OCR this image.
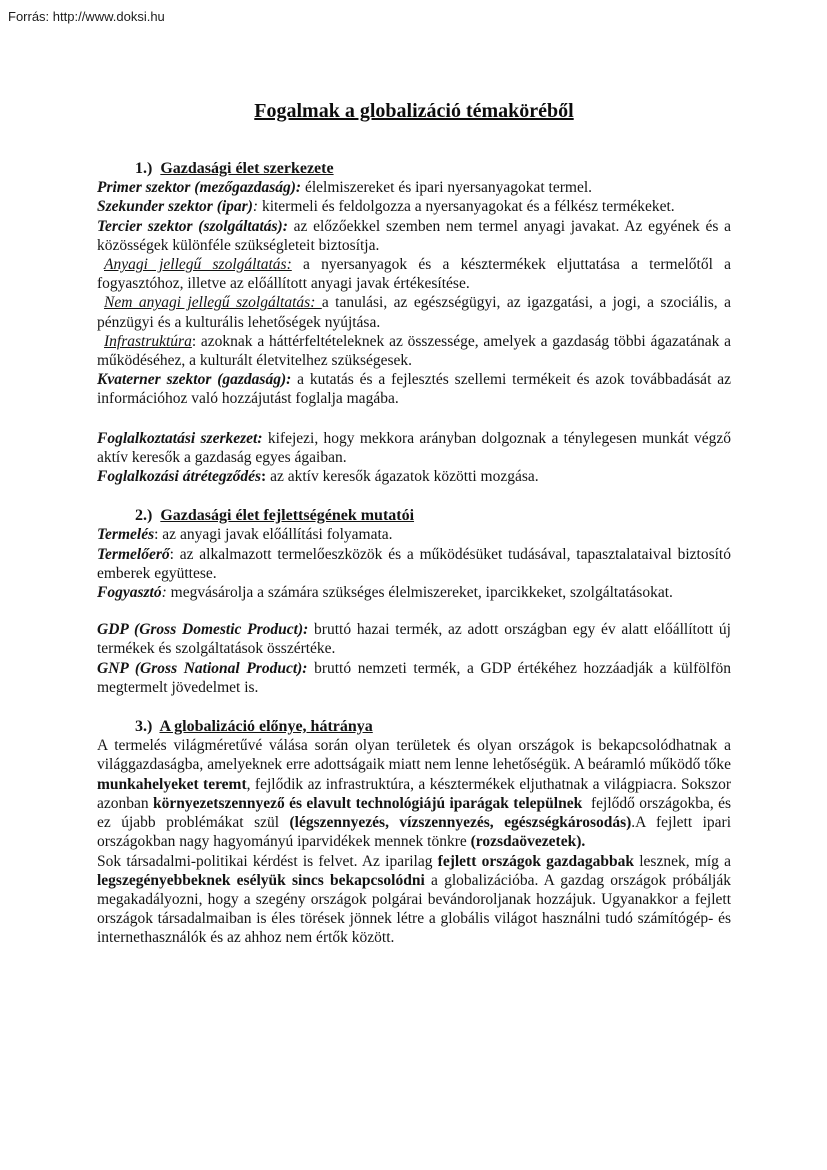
Forrás: http://www.doksi.hu
Fogalmak a globalizáció témaköréből

1.)  Gazdasági élet szerkezete

Primer szektor (mezőgazdaság): élelmiszereket és ipari nyersanyagokat termel.

Szekunder szektor (ipar): kitermeli és feldolgozza a nyersanyagokat és a félkész termékeket.

Tercier szektor (szolgáltatás): az előzőekkel szemben nem termel anyagi javakat. Az egyének és a közösségek különféle szükségleteit biztosítja.

Anyagi jellegű szolgáltatás: a nyersanyagok és a késztermékek eljuttatása a termelőtől a fogyasztóhoz, illetve az előállított anyagi javak értékesítése.

Nem anyagi jellegű szolgáltatás: a tanulási, az egészségügyi, az igazgatási, a jogi, a szociális, a pénzügyi és a kulturális lehetőségek nyújtása.

Infrastruktúra: azoknak a háttérfeltételeknek az összessége, amelyek a gazdaság többi ágazatának a működéséhez, a kulturált életvitelhez szükségesek.

Kvaterner szektor (gazdaság): a kutatás és a fejlesztés szellemi termékeit és azok továbbadását az információhoz való hozzájutást foglalja magába.

Foglalkoztatási szerkezet: kifejezi, hogy mekkora arányban dolgoznak a ténylegesen munkát végző aktív keresők a gazdaság egyes ágaiban.

Foglalkozási átrétegződés: az aktív keresők ágazatok közötti mozgása.

2.)  Gazdasági élet fejlettségének mutatói

Termelés: az anyagi javak előállítási folyamata.

Termelőerő: az alkalmazott termelőeszközök és a működésüket tudásával, tapasztalataival biztosító emberek együttese.

Fogyasztó: megvásárolja a számára szükséges élelmiszereket, iparcikkeket, szolgáltatásokat.

GDP (Gross Domestic Product): bruttó hazai termék, az adott országban egy év alatt előállított új termékek és szolgáltatások összértéke.

GNP (Gross National Product): bruttó nemzeti termék, a GDP értékéhez hozzáadják a külfölfön megtermelt jövedelmet is.

3.)  A globalizáció előnye, hátránya

A termelés világméretűvé válása során olyan területek és olyan országok is bekapcsolódhatnak a világgazdaságba, amelyeknek erre adottságaik miatt nem lenne lehetőségük. A beáramló működő tőke munkahelyeket teremt, fejlődik az infrastruktúra, a késztermékek eljuthatnak a világpiacra. Sokszor azonban környezetszennyező és elavult technológiájú iparágak települnek  fejlődő országokba, és ez újabb problémákat szül (légszennyezés, vízszennyezés, egészségkárosodás).A fejlett ipari országokban nagy hagyományú iparvidékek mennek tönkre (rozsdaövezetek).

Sok társadalmi-politikai kérdést is felvet. Az iparilag fejlett országok gazdagabbak lesznek, míg a legszegényebbeknek esélyük sincs bekapcsolódni a globalizációba. A gazdag országok próbálják megakadályozni, hogy a szegény országok polgárai bevándoroljanak hozzájuk. Ugyanakkor a fejlett országok társadalmaiban is éles törések jönnek létre a globális világot használni tudó számítógép- és internethasználók és az ahhoz nem értők között.
